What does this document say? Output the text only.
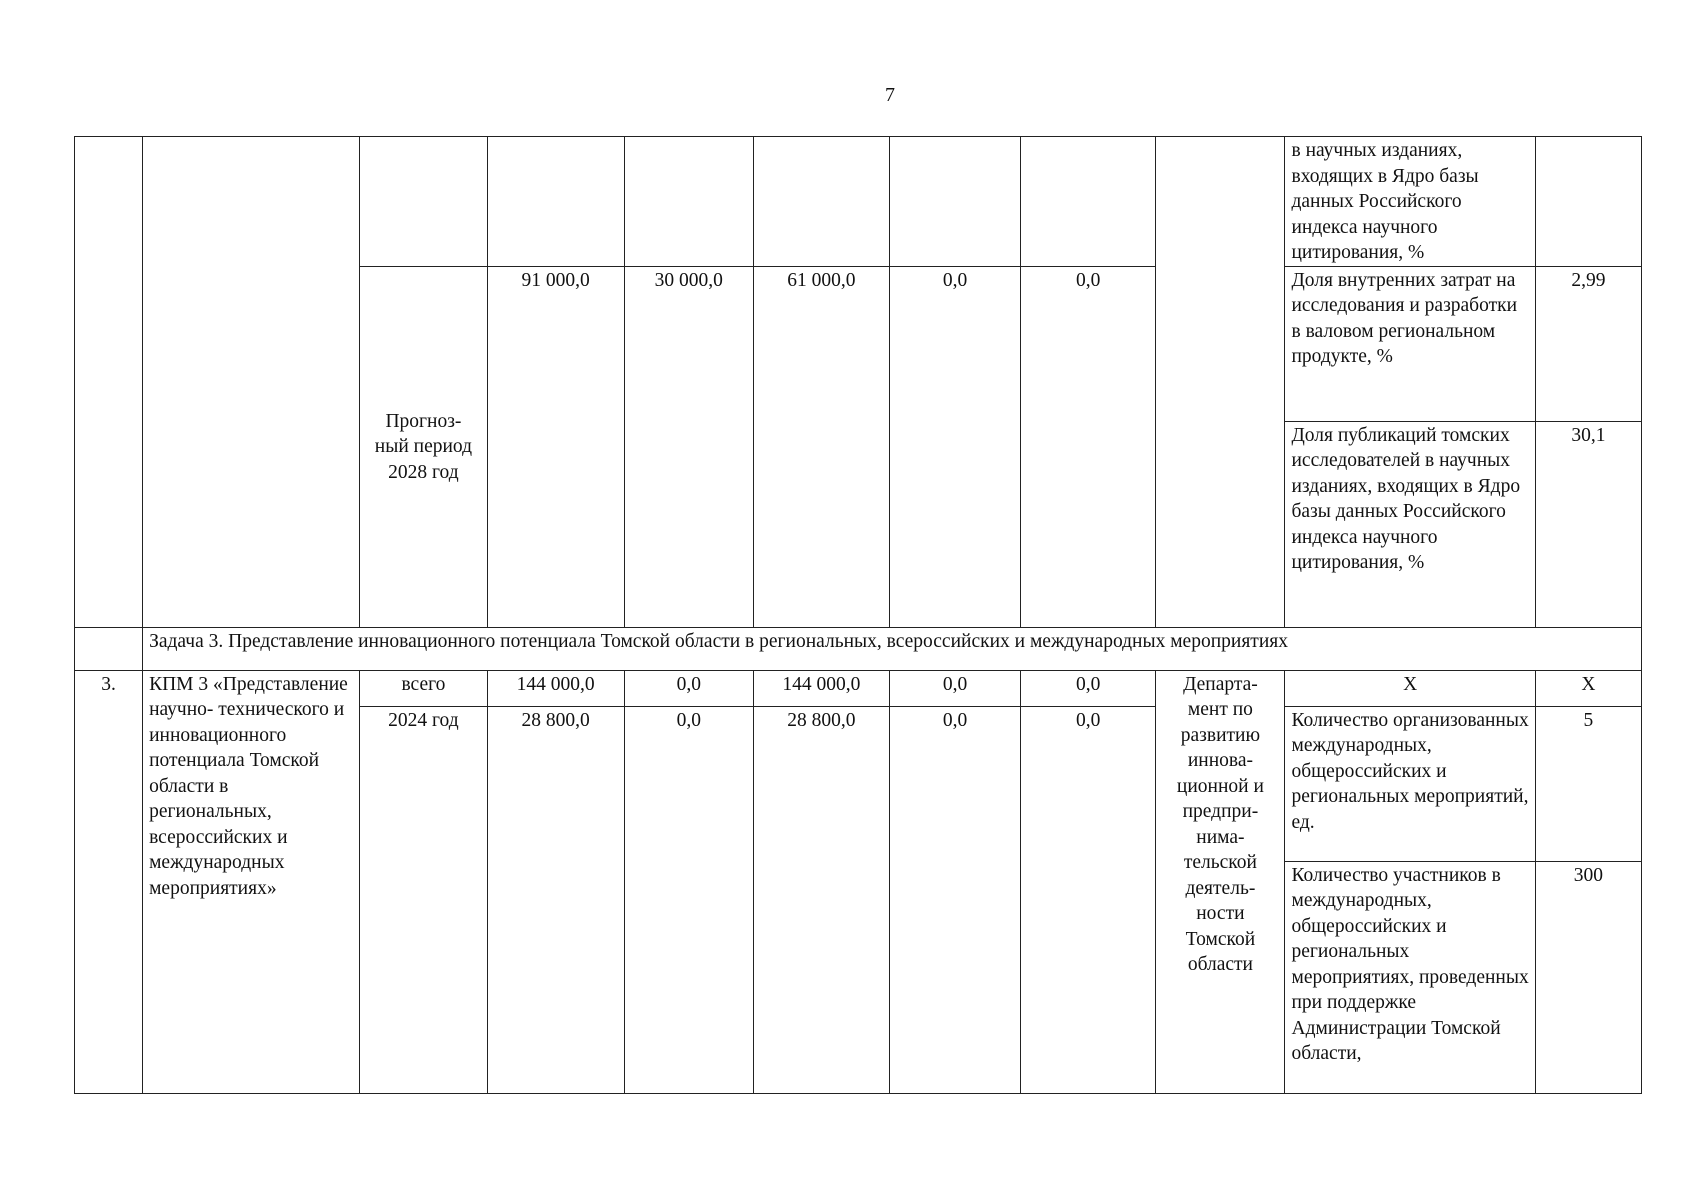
7
									в научных изданиях, входящих в Ядро базы данных Российского индекса научного цитирования, %	
		Прогноз- ный период 2028 год	91 000,0	30 000,0	61 000,0	0,0	0,0		Доля внутренних затрат на исследования и разработки в валовом региональном продукте, %	2,99
									Доля публикаций томских исследователей в научных изданиях, входящих в Ядро базы данных Российского индекса научного цитирования, %	30,1
	Задача 3. Представление инновационного потенциала Томской области в региональных, всероссийских и международных мероприятиях									
3.	КПМ 3 «Представление научно- технического и инновационного потенциала Томской области в региональных, всероссийских и международных мероприятиях»	всего	144 000,0	0,0	144 000,0	0,0	0,0	Департа- мент по развитию иннова- ционной и предпри- нима- тельской деятель- ности Томской области	Х	Х
		2024 год	28 800,0	0,0	28 800,0	0,0	0,0		Количество организованных международных, общероссийских и региональных мероприятий, ед.	5
									Количество участников в международных, общероссийских и региональных мероприятиях, проведенных при поддержке Администрации Томской области,	300
